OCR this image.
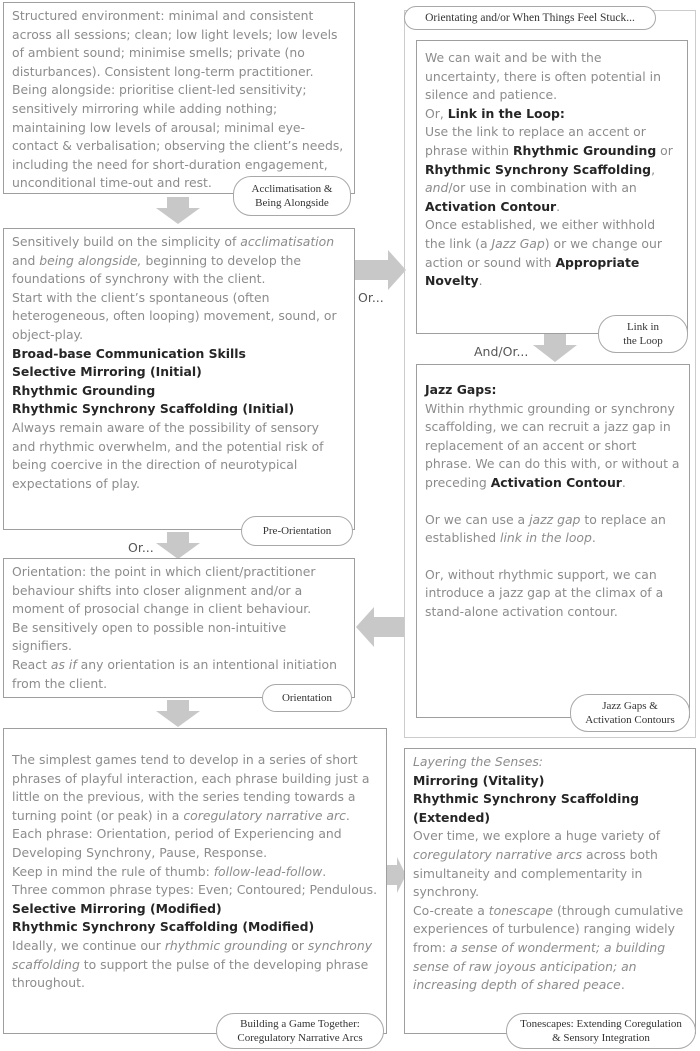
Orientating and/or When Things Feel Stuck...

Structured environment: minimal and consistent across all sessions; clean; low light levels; low levels of ambient sound; minimise smells; private (no disturbances). Consistent long-term practitioner. Being alongside: prioritise client-led sensitivity; sensitively mirroring while adding nothing; maintaining low levels of arousal; minimal eye-contact & verbalisation; observing the client’s needs, including the need for short-duration engagement, unconditional time-out and rest.	Acclimatisation &
Being Alongside

Sensitively build on the simplicity of acclimatisation and being alongside, beginning to develop the foundations of synchrony with the client.

Start with the client’s spontaneous (often heterogeneous, often looping) movement, sound, or object-play.

Broad-base Communication Skills

Selective Mirroring (Initial)

Rhythmic Grounding

Rhythmic Synchrony Scaffolding (Initial)

Always remain aware of the possibility of sensory and rhythmic overwhelm, and the potential risk of being coercive in the direction of neurotypical expectations of play.

Pre-Orientation

Orientation: the point in which client/practitioner behaviour shifts into closer alignment and/or a moment of prosocial change in client behaviour.

Be sensitively open to possible non-intuitive signifiers.

React as if any orientation is an intentional initiation from the client.

Orientation

The simplest games tend to develop in a series of short phrases of playful interaction, each phrase building just a little on the previous, with the series tending towards a turning point (or peak) in a coregulatory narrative arc.

Each phrase: Orientation, period of Experiencing and Developing Synchrony, Pause, Response.

Keep in mind the rule of thumb: follow-lead-follow.

Three common phrase types: Even; Contoured; Pendulous.

Selective Mirroring (Modified)

Rhythmic Synchrony Scaffolding (Modified)

Ideally, we continue our rhythmic grounding or synchrony scaffolding to support the pulse of the developing phrase throughout.

Building a Game Together:
Coregulatory Narrative Arcs

We can wait and be with the uncertainty, there is often potential in silence and patience.

Or, Link in the Loop:

Use the link to replace an accent or phrase within Rhythmic Grounding or Rhythmic Synchrony Scaffolding, and/or use in combination with an Activation Contour.

Once established, we either withhold the link (a Jazz Gap) or we change our action or sound with Appropriate Novelty.

Link in
the Loop

Jazz Gaps:

Within rhythmic grounding or synchrony scaffolding, we can recruit a jazz gap in replacement of an accent or short phrase. We can do this with, or without a preceding Activation Contour.

Or we can use a jazz gap to replace an established link in the loop.

Or, without rhythmic support, we can introduce a jazz gap at the climax of a stand-alone activation contour.

Jazz Gaps &
Activation Contours

Layering the Senses:

Mirroring (Vitality)

Rhythmic Synchrony Scaffolding (Extended)

Over time, we explore a huge variety of coregulatory narrative arcs across both simultaneity and complementarity in synchrony.

Co-create a tonescape (through cumulative experiences of turbulence) ranging widely from: a sense of wonderment; a building sense of raw joyous anticipation; an increasing depth of shared peace.

Tonescapes: Extending Coregulation
& Sensory Integration
Or...
And/Or...
Or...
